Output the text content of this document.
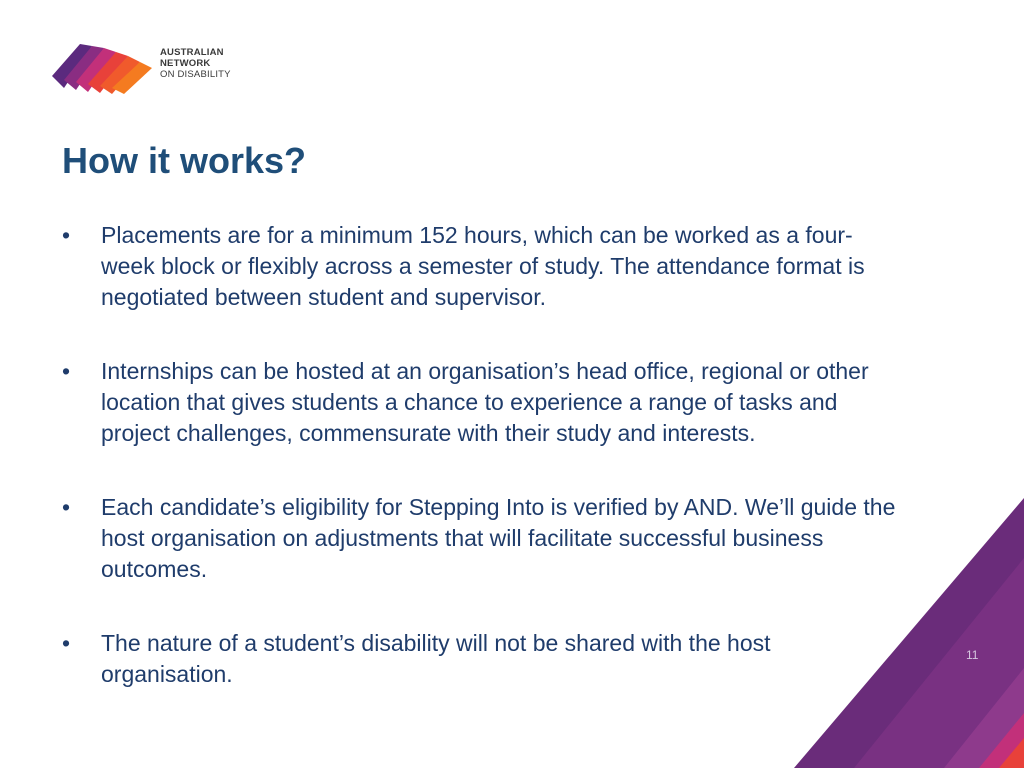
AUSTRALIAN
NETWORK
ON DISABILITY
How it works?
• Placements are for a minimum 152 hours, which can be worked as a four-week block or flexibly across a semester of study. The attendance format is negotiated between student and supervisor.
• Internships can be hosted at an organisation’s head office, regional or other location that gives students a chance to experience a range of tasks and project challenges, commensurate with their study and interests.
• Each candidate’s eligibility for Stepping Into is verified by AND. We’ll guide the host organisation on adjustments that will facilitate successful business outcomes.
• The nature of a student’s disability will not be shared with the host organisation.
11
